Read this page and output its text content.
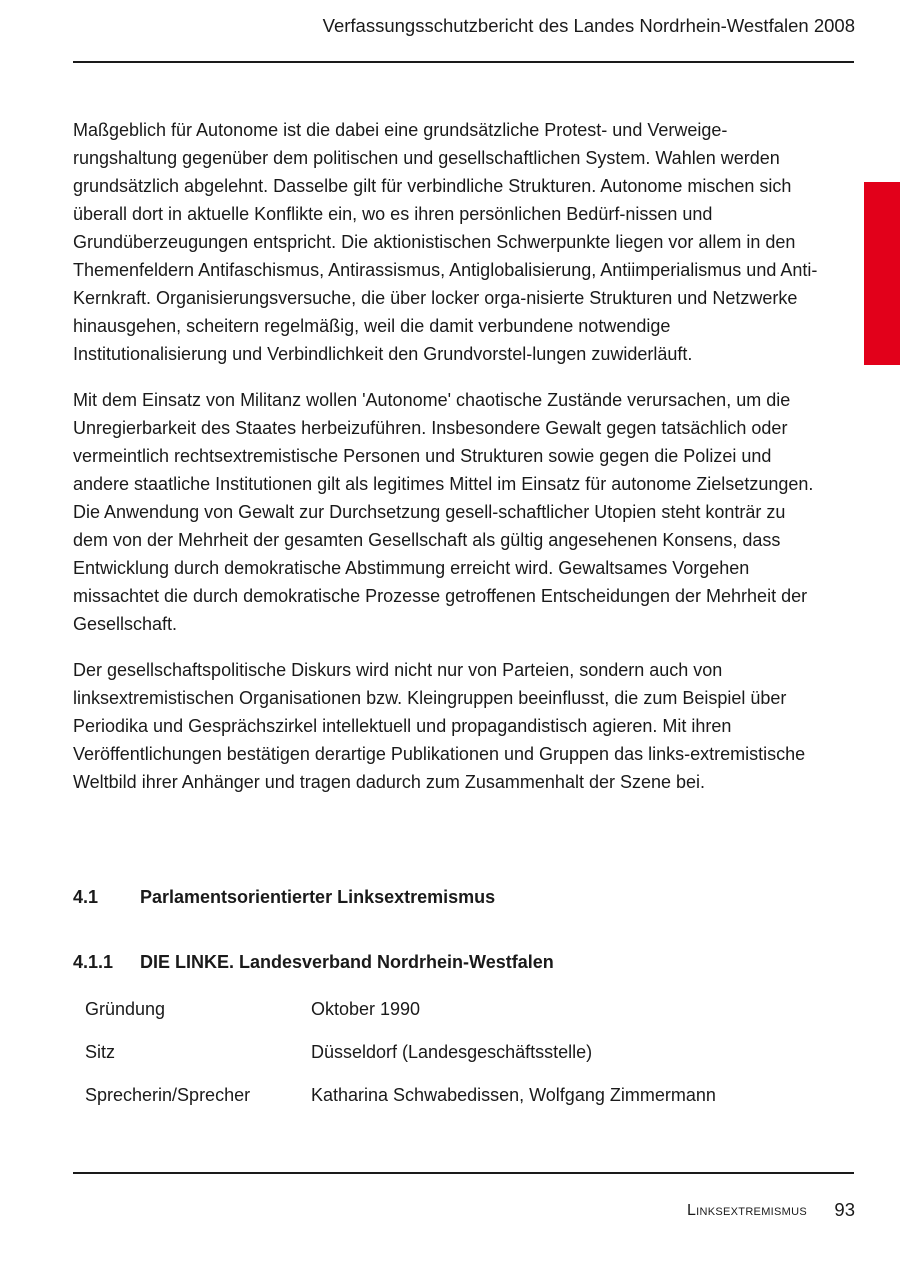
Verfassungsschutzbericht des Landes Nordrhein-Westfalen 2008

Maßgeblich für Autonome ist die dabei eine grundsätzliche Protest- und Verweige-rungshaltung gegenüber dem politischen und gesellschaftlichen System. Wahlen werden grundsätzlich abgelehnt. Dasselbe gilt für verbindliche Strukturen. Autonome mischen sich überall dort in aktuelle Konflikte ein, wo es ihren persönlichen Bedürf-nissen und Grundüberzeugungen entspricht. Die aktionistischen Schwerpunkte liegen vor allem in den Themenfeldern Antifaschismus, Antirassismus, Antiglobalisierung, Antiimperialismus und Anti-Kernkraft. Organisierungsversuche, die über locker orga-nisierte Strukturen und Netzwerke hinausgehen, scheitern regelmäßig, weil die damit verbundene notwendige Institutionalisierung und Verbindlichkeit den Grundvorstel-lungen zuwiderläuft.

Mit dem Einsatz von Militanz wollen 'Autonome' chaotische Zustände verursachen, um die Unregierbarkeit des Staates herbeizuführen. Insbesondere Gewalt gegen tatsächlich oder vermeintlich rechtsextremistische Personen und Strukturen sowie gegen die Polizei und andere staatliche Institutionen gilt als legitimes Mittel im Einsatz für autonome Zielsetzungen. Die Anwendung von Gewalt zur Durchsetzung gesell-schaftlicher Utopien steht konträr zu dem von der Mehrheit der gesamten Gesellschaft als gültig angesehenen Konsens, dass Entwicklung durch demokratische Abstimmung erreicht wird. Gewaltsames Vorgehen missachtet die durch demokratische Prozesse getroffenen Entscheidungen der Mehrheit der Gesellschaft.

Der gesellschaftspolitische Diskurs wird nicht nur von Parteien, sondern auch von linksextremistischen Organisationen bzw. Kleingruppen beeinflusst, die zum Beispiel über Periodika und Gesprächszirkel intellektuell und propagandistisch agieren. Mit ihren Veröffentlichungen bestätigen derartige Publikationen und Gruppen das links-extremistische Weltbild ihrer Anhänger und tragen dadurch zum Zusammenhalt der Szene bei.

4.1 Parlamentsorientierter Linksextremismus
4.1.1 DIE LINKE. Landesverband Nordrhein-Westfalen
Gründung	Oktober 1990
Sitz	Düsseldorf (Landesgeschäftsstelle)
Sprecherin/Sprecher	Katharina Schwabedissen, Wolfgang Zimmermann
Linksextremismus 93
